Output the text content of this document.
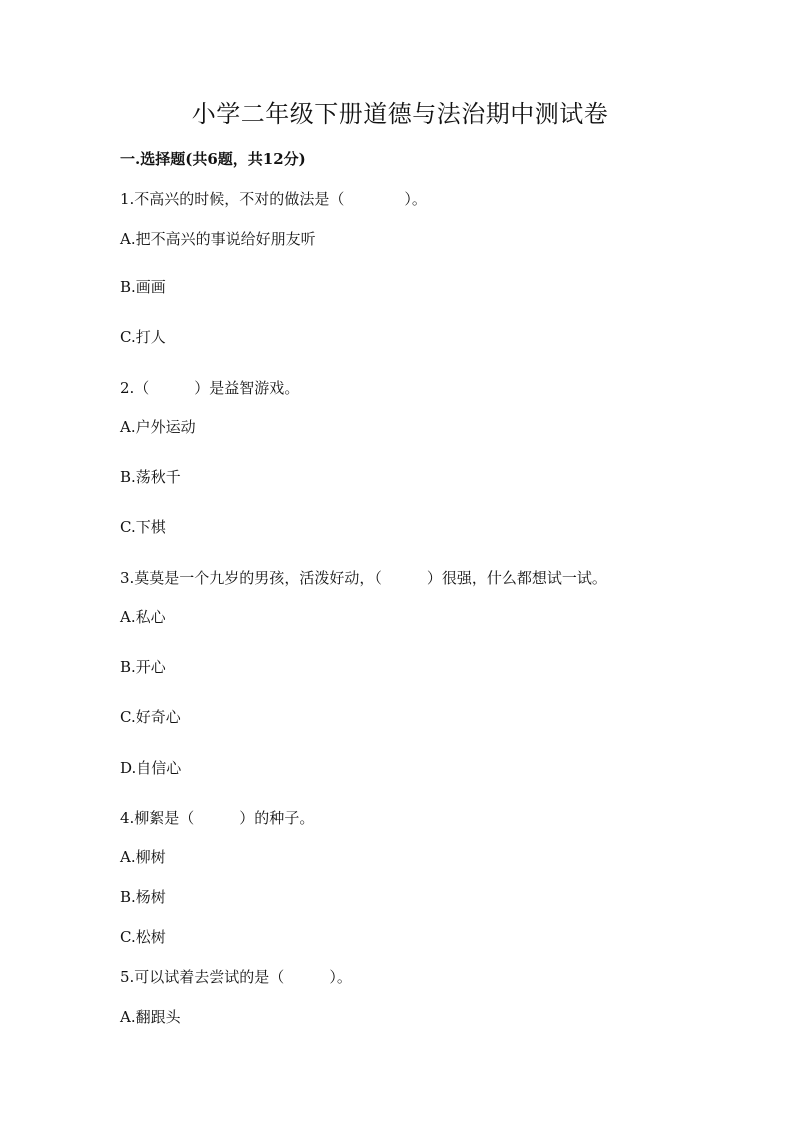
小学二年级下册道德与法治期中测试卷
一.选择题(共6题，共12分)
1.不高兴的时候，不对的做法是（　　　　）。
A.把不高兴的事说给好朋友听
B.画画
C.打人
2.（　　　）是益智游戏。
A.户外运动
B.荡秋千
C.下棋
3.莫莫是一个九岁的男孩，活泼好动，（　　　）很强，什么都想试一试。
A.私心
B.开心
C.好奇心
D.自信心
4.柳絮是（　　　）的种子。
A.柳树
B.杨树
C.松树
5.可以试着去尝试的是（　　　）。
A.翻跟头
